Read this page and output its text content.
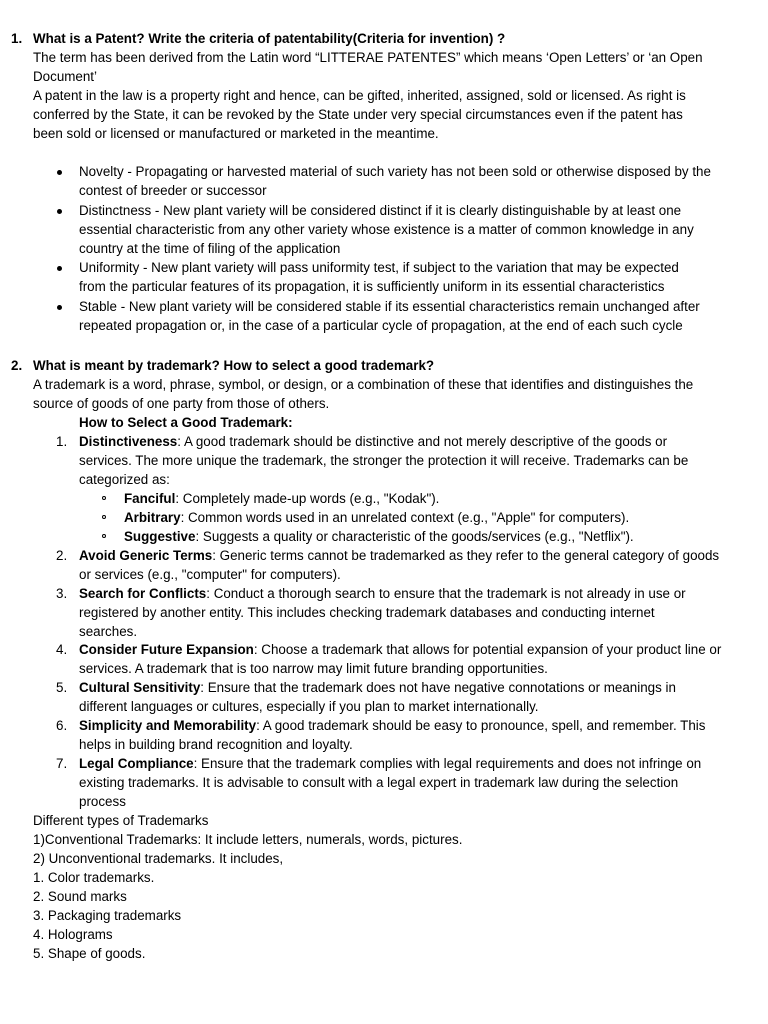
1. What is a Patent? Write the criteria of patentability(Criteria for invention) ?
The term has been derived from the Latin word “LITTERAE PATENTES” which means ‘Open Letters’ or ‘an Open
Document’
A patent in the law is a property right and hence, can be gifted, inherited, assigned, sold or licensed. As right is
conferred by the State, it can be revoked by the State under very special circumstances even if the patent has
been sold or licensed or manufactured or marketed in the meantime.
Novelty - Propagating or harvested material of such variety has not been sold or otherwise disposed by the
contest of breeder or successor
Distinctness - New plant variety will be considered distinct if it is clearly distinguishable by at least one
essential characteristic from any other variety whose existence is a matter of common knowledge in any
country at the time of filing of the application
Uniformity - New plant variety will pass uniformity test, if subject to the variation that may be expected
from the particular features of its propagation, it is sufficiently uniform in its essential characteristics
Stable - New plant variety will be considered stable if its essential characteristics remain unchanged after
repeated propagation or, in the case of a particular cycle of propagation, at the end of each such cycle
2. What is meant by trademark? How to select a good trademark?
A trademark is a word, phrase, symbol, or design, or a combination of these that identifies and distinguishes the
source of goods of one party from those of others.
How to Select a Good Trademark:
1. Distinctiveness: A good trademark should be distinctive and not merely descriptive of the goods or
services. The more unique the trademark, the stronger the protection it will receive. Trademarks can be
categorized as:
Fanciful: Completely made-up words (e.g., "Kodak").
Arbitrary: Common words used in an unrelated context (e.g., "Apple" for computers).
Suggestive: Suggests a quality or characteristic of the goods/services (e.g., "Netflix").
2. Avoid Generic Terms: Generic terms cannot be trademarked as they refer to the general category of goods
or services (e.g., "computer" for computers).
3. Search for Conflicts: Conduct a thorough search to ensure that the trademark is not already in use or
registered by another entity. This includes checking trademark databases and conducting internet
searches.
4. Consider Future Expansion: Choose a trademark that allows for potential expansion of your product line or
services. A trademark that is too narrow may limit future branding opportunities.
5. Cultural Sensitivity: Ensure that the trademark does not have negative connotations or meanings in
different languages or cultures, especially if you plan to market internationally.
6. Simplicity and Memorability: A good trademark should be easy to pronounce, spell, and remember. This
helps in building brand recognition and loyalty.
7. Legal Compliance: Ensure that the trademark complies with legal requirements and does not infringe on
existing trademarks. It is advisable to consult with a legal expert in trademark law during the selection
process
Different types of Trademarks
1)Conventional Trademarks: It include letters, numerals, words, pictures.
2) Unconventional trademarks. It includes,
1. Color trademarks.
2. Sound marks
3. Packaging trademarks
4. Holograms
5. Shape of goods.
